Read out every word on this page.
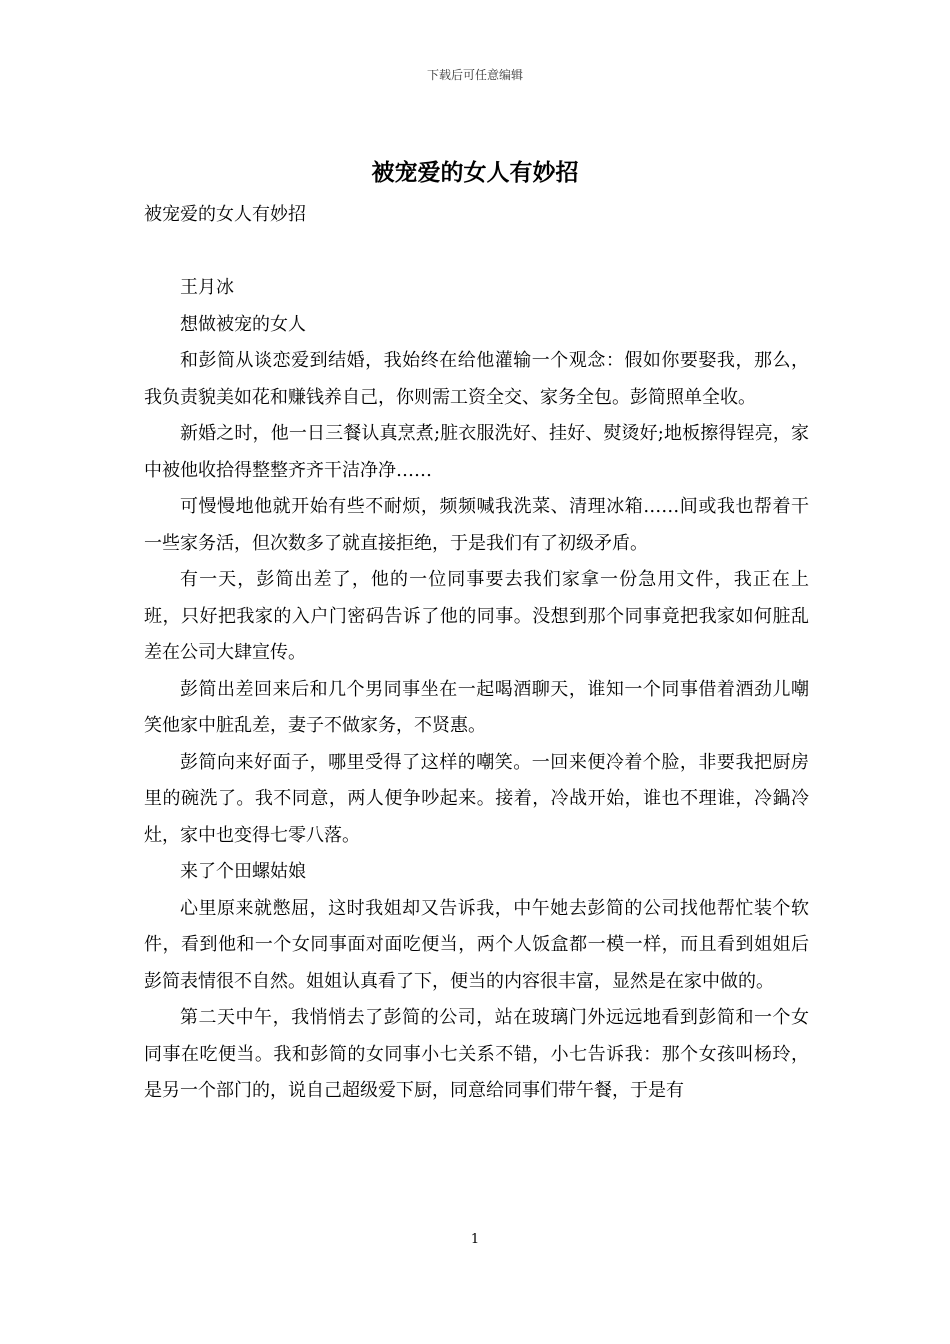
下载后可任意编辑
被宠爱的女人有妙招

被宠爱的女人有妙招

王月冰

想做被宠的女人

和彭简从谈恋爱到结婚，我始终在给他灌输一个观念：假如你要娶我，那么，我负责貌美如花和赚钱养自己，你则需工资全交、家务全包。彭简照单全收。

新婚之时，他一日三餐认真烹煮;脏衣服洗好、挂好、熨烫好;地板擦得锃亮，家中被他收拾得整整齐齐干洁净净……

可慢慢地他就开始有些不耐烦，频频喊我洗菜、清理冰箱……间或我也帮着干一些家务活，但次数多了就直接拒绝，于是我们有了初级矛盾。

有一天，彭简出差了，他的一位同事要去我们家拿一份急用文件，我正在上班，只好把我家的入户门密码告诉了他的同事。没想到那个同事竟把我家如何脏乱差在公司大肆宣传。

彭简出差回来后和几个男同事坐在一起喝酒聊天，谁知一个同事借着酒劲儿嘲笑他家中脏乱差，妻子不做家务，不贤惠。

彭简向来好面子，哪里受得了这样的嘲笑。一回来便冷着个脸，非要我把厨房里的碗洗了。我不同意，两人便争吵起来。接着，冷战开始，谁也不理谁，冷鍋冷灶，家中也变得七零八落。

来了个田螺姑娘

心里原来就憋屈，这时我姐却又告诉我，中午她去彭简的公司找他帮忙装个软件，看到他和一个女同事面对面吃便当，两个人饭盒都一模一样，而且看到姐姐后彭简表情很不自然。姐姐认真看了下，便当的内容很丰富，显然是在家中做的。

第二天中午，我悄悄去了彭简的公司，站在玻璃门外远远地看到彭简和一个女同事在吃便当。我和彭简的女同事小七关系不错，小七告诉我：那个女孩叫杨玲，是另一个部门的，说自己超级爱下厨，同意给同事们带午餐，于是有

1
